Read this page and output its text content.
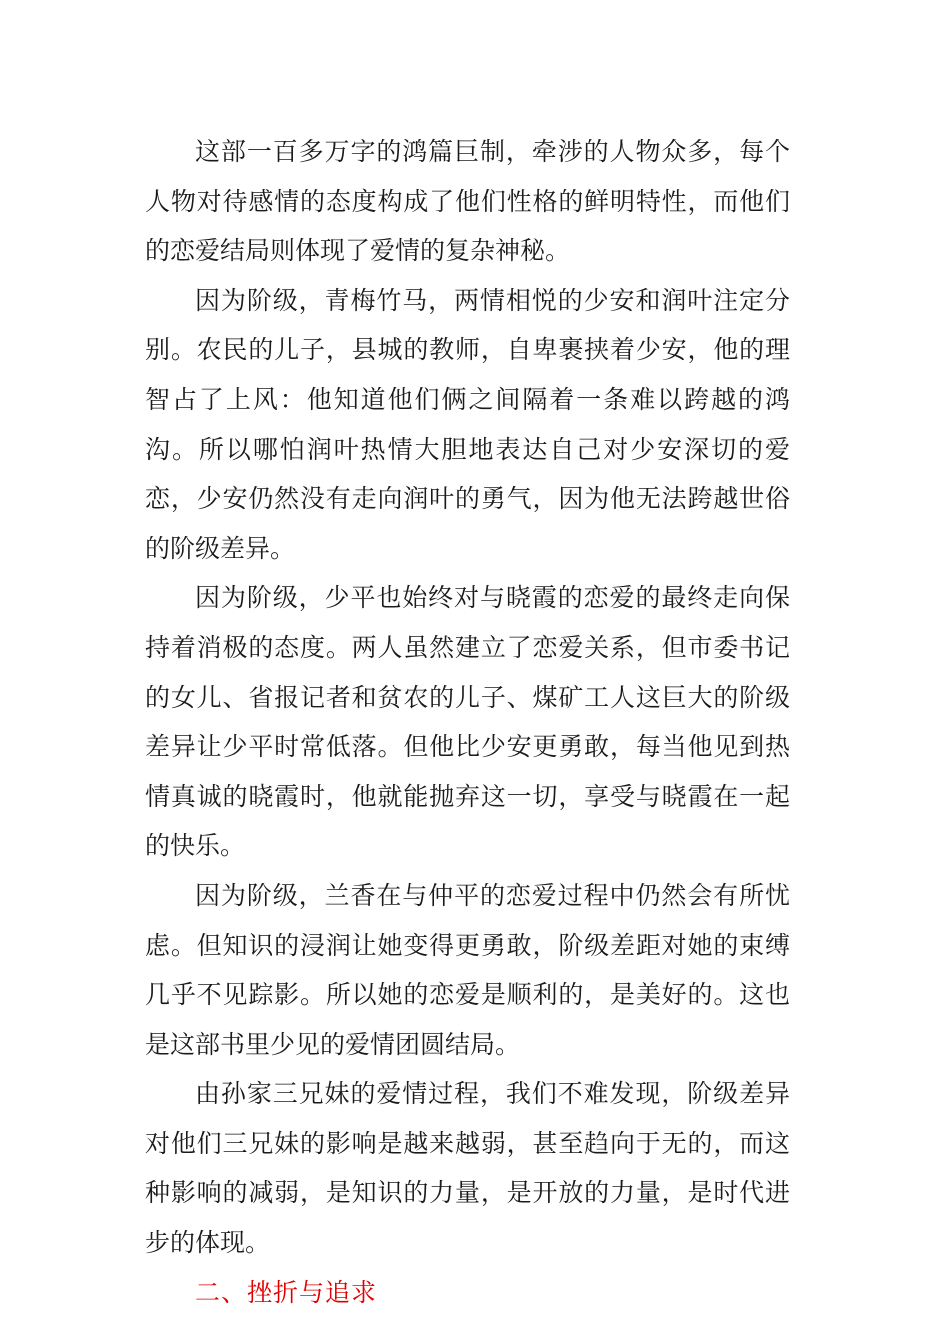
这部一百多万字的鸿篇巨制，牵涉的人物众多，每个人物对待感情的态度构成了他们性格的鲜明特性，而他们的恋爱结局则体现了爱情的复杂神秘。

因为阶级，青梅竹马，两情相悦的少安和润叶注定分别。农民的儿子，县城的教师，自卑裹挟着少安，他的理智占了上风：他知道他们俩之间隔着一条难以跨越的鸿沟。所以哪怕润叶热情大胆地表达自己对少安深切的爱恋，少安仍然没有走向润叶的勇气，因为他无法跨越世俗的阶级差异。

因为阶级，少平也始终对与晓霞的恋爱的最终走向保持着消极的态度。两人虽然建立了恋爱关系，但市委书记的女儿、省报记者和贫农的儿子、煤矿工人这巨大的阶级差异让少平时常低落。但他比少安更勇敢，每当他见到热情真诚的晓霞时，他就能抛弃这一切，享受与晓霞在一起的快乐。

因为阶级，兰香在与仲平的恋爱过程中仍然会有所忧虑。但知识的浸润让她变得更勇敢，阶级差距对她的束缚几乎不见踪影。所以她的恋爱是顺利的，是美好的。这也是这部书里少见的爱情团圆结局。

由孙家三兄妹的爱情过程，我们不难发现，阶级差异对他们三兄妹的影响是越来越弱，甚至趋向于无的，而这种影响的减弱，是知识的力量，是开放的力量，是时代进步的体现。

二、挫折与追求
